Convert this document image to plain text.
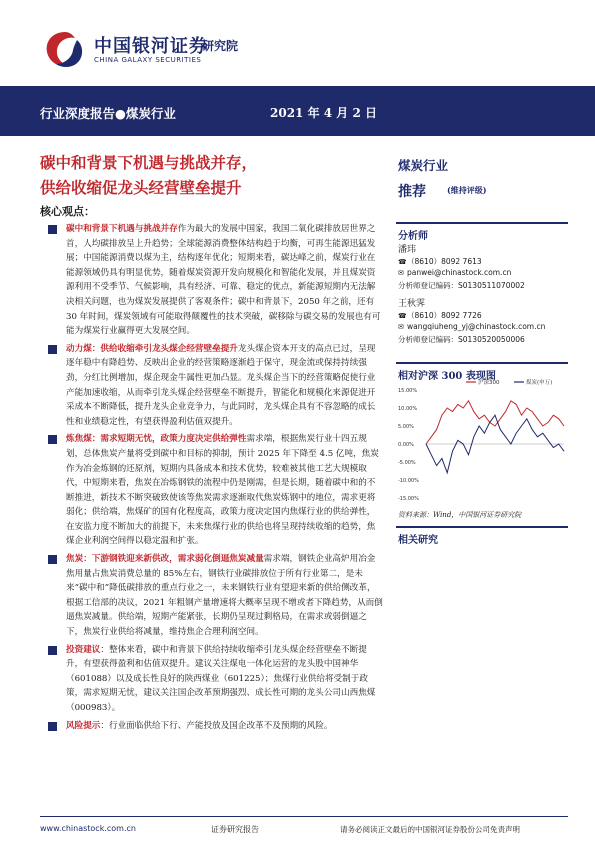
中国银河证券
CHINA GALAXY SECURITIES
研究院
行业深度报告●煤炭行业	2021 年 4 月 2 日
碳中和背景下机遇与挑战并存，
供给收缩促龙头经营壁垒提升
核心观点：
碳中和背景下机遇与挑战并存作为最大的发展中国家，我国二氧化碳排放居世界之首，人均碳排放呈上升趋势；全球能源消费整体结构趋于均衡，可再生能源迅猛发展；中国能源消费以煤为主，结构逐年优化；短期来看，碳达峰之前，煤炭行业在能源领域仍具有明显优势，随着煤炭资源开发向规模化和智能化发展，并且煤炭资源利用不受季节、气候影响，具有经济、可靠、稳定的优点，新能源短期内无法解决相关问题，也为煤炭发展提供了客观条件；碳中和背景下，2050 年之前，还有 30 年时间，煤炭领域有可能取得颠覆性的技术突破，碳移除与碳交易的发展也有可能为煤炭行业赢得更大发展空间。
动力煤：供给收缩牵引龙头煤企经营壁垒提升龙头煤企资本开支的高点已过，呈现逐年稳中有降趋势、反映出企业的经营策略逐渐趋于保守，现金流或保持持续强劲，分红比例增加，煤企现金牛属性更加凸显。龙头煤企当下的经营策略促使行业产能加速收缩，从而牵引龙头煤企经营壁垒不断提升，智能化和规模化来源促进开采成本不断降低，提升龙头企业竞争力，与此同时，龙头煤企具有不容忽略的成长性和业绩稳定性，有望获得盈利估值双提升。
炼焦煤：需求短期无忧，政策力度决定供给弹性需求端，根据焦炭行业十四五规划，总体焦炭产量将受到碳中和目标的抑制，预计 2025 年下降至 4.5 亿吨，焦炭作为冶金炼钢的还原剂，短期内具备成本和技术优势，较难被其他工艺大规模取代，中短期来看，焦炭在冶炼钢铁的流程中仍是刚需，但是长期，随着碳中和的不断推进，新技术不断突破致使该等焦炭需求逐渐取代焦炭炼钢中的地位，需求更将弱化；供给端，焦煤矿的国有化程度高，政策力度决定国内焦煤行业的供给弹性，在安监力度不断加大的前提下，未来焦煤行业的供给也将呈现持续收缩的趋势，焦煤企业利润空间得以稳定温和扩张。
焦炭：下游钢铁迎来新供改，需求弱化倒逼焦炭减量需求端，钢铁企业高炉用冶金焦用量占焦炭消费总量的 85%左右，钢铁行业碳排放位于所有行业第二，是未来“碳中和”降低碳排放的重点行业之一，未来钢铁行业有望迎来新的供给侧改革，根据工信部的决议，2021 年粗钢产量增速将大概率呈现不增或者下降趋势，从而倒逼焦炭减量。供给端，短期产能紧张，长期仍呈现过剩格局，在需求或弱倒逼之下，焦炭行业供给将减量，维持焦企合理利润空间。
投资建议：整体来看，碳中和背景下供给持续收缩牵引龙头煤企经营壁垒不断提升，有望获得盈利和估值双提升。建议关注煤电一体化运营的龙头股中国神华（601088）以及成长性良好的陕西煤业（601225）；焦煤行业供给将受制于政策，需求短期无忧，建议关注国企改革预期强烈、成长性可期的龙头公司山西焦煤（000983）。
风险提示：行业面临供给下行、产能投放及国企改革不及预期的风险。
煤炭行业
推荐	(维持评级)
分析师
潘玮
☎（8610）8092 7613
✉ panwei@chinastock.com.cn
分析师登记编码：S0130511070002
王秋霁
☎（8610）8092 7726
✉ wangqiuheng_yj@chinastock.com.cn
分析师登记编码：S0130520050006
相对沪深 300 表现图
15.00%
10.00%
5.00%
0.00%
-5.00%
-10.00%
-15.00%
沪深300	煤炭(申万)
资料来源：Wind，中国银河证券研究院
相关研究
www.chinastock.com.cn	证券研究报告	请务必阅读正文最后的中国银河证券股份公司免责声明
